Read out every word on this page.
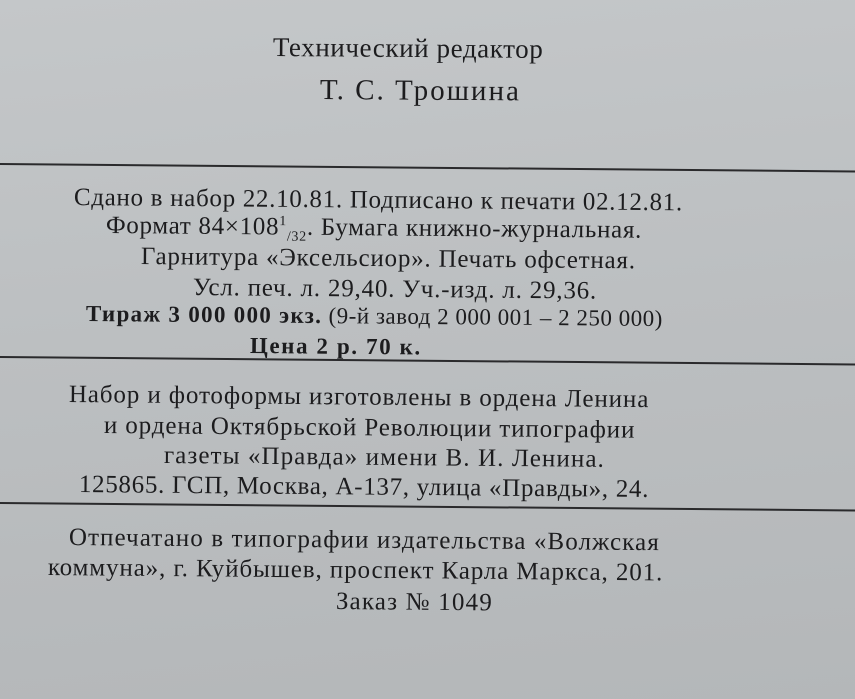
Технический редактор
Т. С. Трошина
Сдано в набор 22.10.81. Подписано к печати 02.12.81.
Формат $84\times 108^1_{/32}$. Бумага книжно-журнальная.
Гарнитура «Эксельсиор». Печать офсетная.
Усл. печ. л. 29,40. Уч.-изд. л. 29,36.
Тираж 3 000 000 экз. (9-й завод 2 000 001 – 2 250 000)
Цена 2 р. 70 к.
Набор и фотоформы изготовлены в ордена Ленина
и ордена Октябрьской Революции типографии
газеты «Правда» имени В. И. Ленина.
125865. ГСП, Москва, А-137, улица «Правды», 24.
Отпечатано в типографии издательства «Волжская
коммуна», г. Куйбышев, проспект Карла Маркса, 201.
Заказ № 1049
